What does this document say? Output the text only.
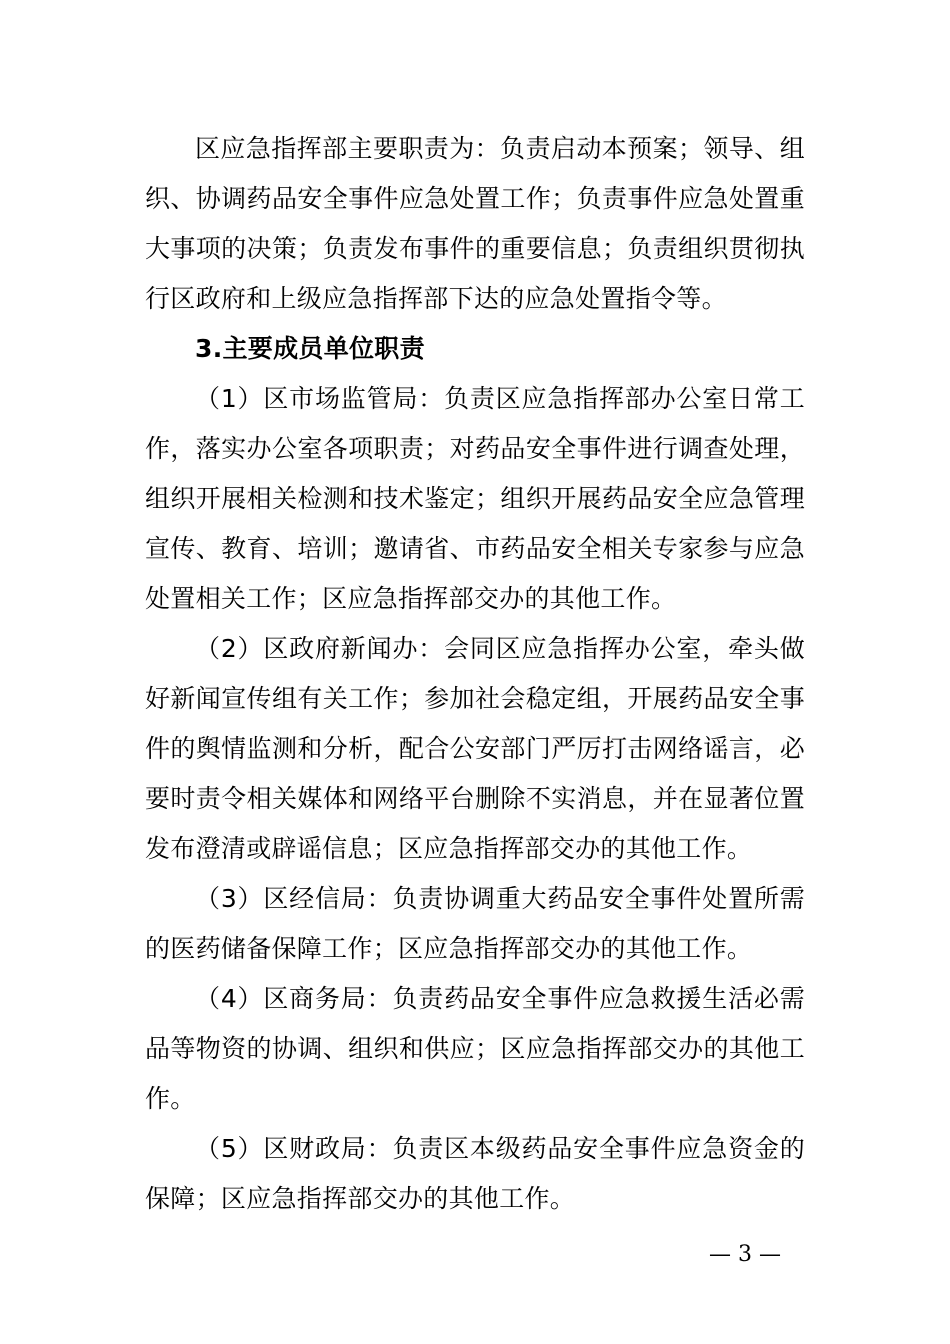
区应急指挥部主要职责为：负责启动本预案；领导、组织、协调药品安全事件应急处置工作；负责事件应急处置重大事项的决策；负责发布事件的重要信息；负责组织贯彻执行区政府和上级应急指挥部下达的应急处置指令等。

3.主要成员单位职责

（1）区市场监管局：负责区应急指挥部办公室日常工作，落实办公室各项职责；对药品安全事件进行调查处理，组织开展相关检测和技术鉴定；组织开展药品安全应急管理宣传、教育、培训；邀请省、市药品安全相关专家参与应急处置相关工作；区应急指挥部交办的其他工作。

（2）区政府新闻办：会同区应急指挥办公室，牵头做好新闻宣传组有关工作；参加社会稳定组，开展药品安全事件的舆情监测和分析，配合公安部门严厉打击网络谣言，必要时责令相关媒体和网络平台删除不实消息，并在显著位置发布澄清或辟谣信息；区应急指挥部交办的其他工作。

（3）区经信局：负责协调重大药品安全事件处置所需的医药储备保障工作；区应急指挥部交办的其他工作。

（4）区商务局：负责药品安全事件应急救援生活必需品等物资的协调、组织和供应；区应急指挥部交办的其他工作。

（5）区财政局：负责区本级药品安全事件应急资金的保障；区应急指挥部交办的其他工作。

— 3 —
